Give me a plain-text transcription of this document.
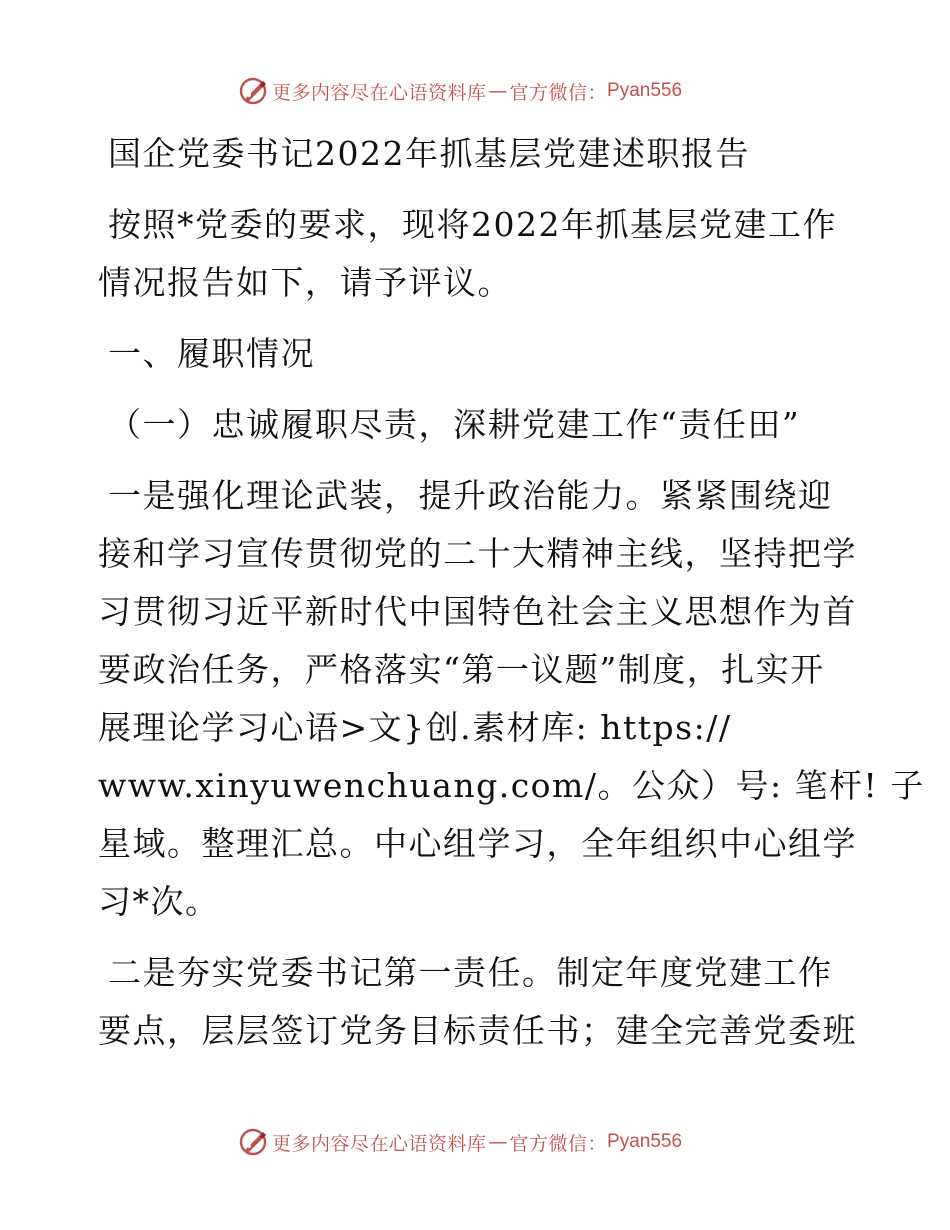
更多内容尽在心语资料库 — 官方微信： Pyan556
国企党委书记2022年抓基层党建述职报告
按照*党委的要求，现将2022年抓基层党建工作
情况报告如下，请予评议。
一、履职情况
（一）忠诚履职尽责，深耕党建工作“责任田”
一是强化理论武装，提升政治能力。紧紧围绕迎
接和学习宣传贯彻党的二十大精神主线，坚持把学
习贯彻习近平新时代中国特色社会主义思想作为首
要政治任务，严格落实“第一议题”制度，扎实开
展理论学习心语>文}创.素材库: https://
www.xinyuwenchuang.com/。公众）号: 笔杆! 子
星域。整理汇总。中心组学习，全年组织中心组学
习*次。
二是夯实党委书记第一责任。制定年度党建工作
要点，层层签订党务目标责任书；建全完善党委班
更多内容尽在心语资料库 — 官方微信： Pyan556
